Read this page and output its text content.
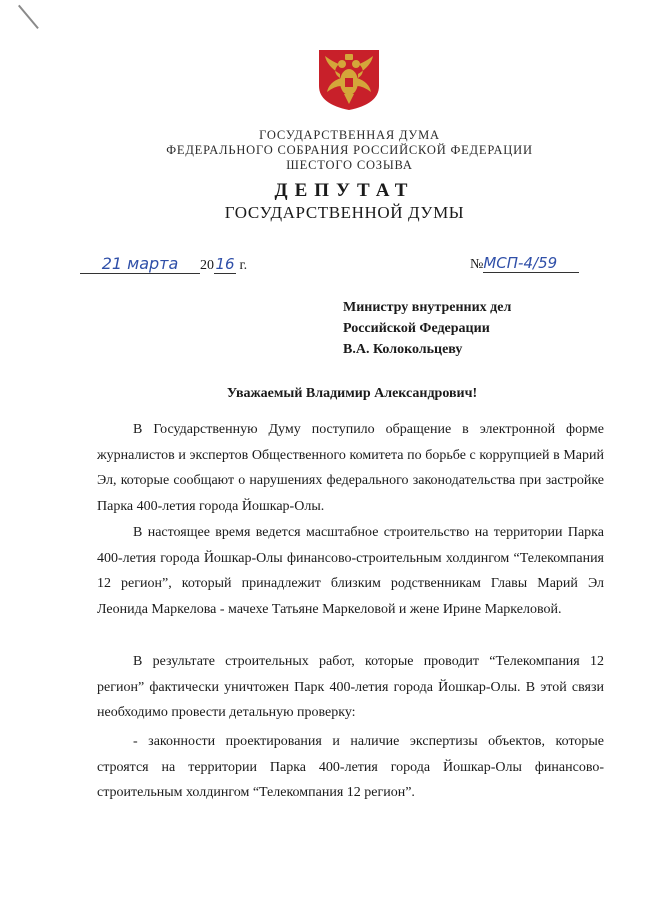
ГОСУДАРСТВЕННАЯ ДУМА
ФЕДЕРАЛЬНОГО СОБРАНИЯ РОССИЙСКОЙ ФЕДЕРАЦИИ
ШЕСТОГО СОЗЫВА
ДЕПУТАТ
ГОСУДАРСТВЕННОЙ ДУМЫ
21 марта 2016 г.	№МСП-4/59
Министру внутренних дел
Российской Федерации
В.А. Колокольцеву
Уважаемый Владимир Александрович!

В Государственную Думу поступило обращение в электронной форме журналистов и экспертов Общественного комитета по борьбе с коррупцией в Марий Эл, которые сообщают о нарушениях федерального законодательства при застройке Парка 400-летия города Йошкар-Олы.

В настоящее время ведется масштабное строительство на территории Парка 400-летия города Йошкар-Олы финансово-строительным холдингом “Телекомпания 12 регион”, который принадлежит близким родственникам Главы Марий Эл Леонида Маркелова - мачехе Татьяне Маркеловой и жене Ирине Маркеловой.

В результате строительных работ, которые проводит “Телекомпания 12 регион” фактически уничтожен Парк 400-летия города Йошкар-Олы. В этой связи необходимо провести детальную проверку:

- законности проектирования и наличие экспертизы объектов, которые строятся на территории Парка 400-летия города Йошкар-Олы финансово-строительным холдингом “Телекомпания 12 регион”.
